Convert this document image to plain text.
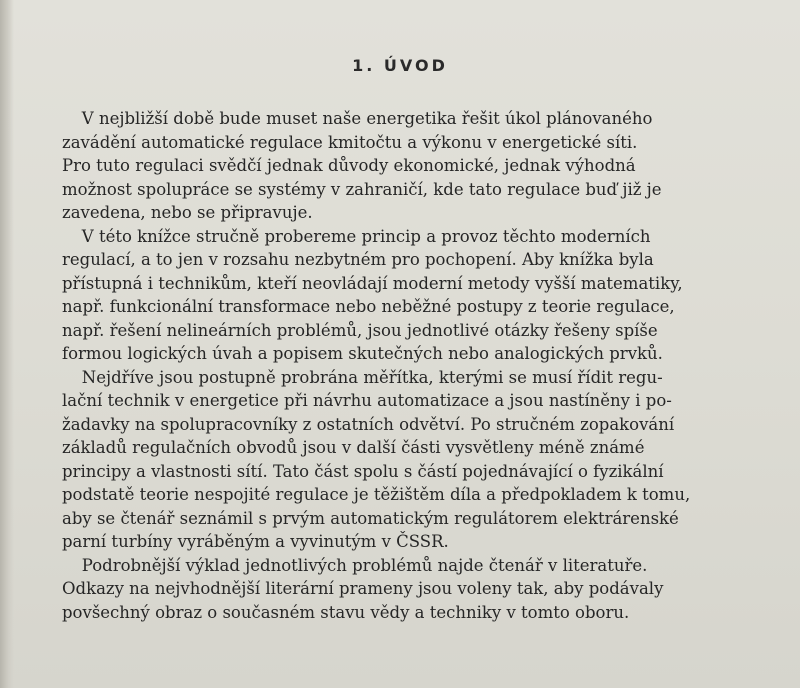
1. ÚVOD

V nejbližší době bude muset naše energetika řešit úkol plánovaného
zavádění automatické regulace kmitočtu a výkonu v energetické síti.
Pro tuto regulaci svědčí jednak důvody ekonomické, jednak výhodná
možnost spolupráce se systémy v zahraničí, kde tato regulace buď již je
zavedena, nebo se připravuje.

V této knížce stručně probereme princip a provoz těchto moderních
regulací, a to jen v rozsahu nezbytném pro pochopení. Aby knížka byla
přístupná i technikům, kteří neovládají moderní metody vyšší matematiky,
např. funkcionální transformace nebo neběžné postupy z teorie regulace,
např. řešení nelineárních problémů, jsou jednotlivé otázky řešeny spíše
formou logických úvah a popisem skutečných nebo analogických prvků.

Nejdříve jsou postupně probrána měřítka, kterými se musí řídit regu-
lační technik v energetice při návrhu automatizace a jsou nastíněny i po-
žadavky na spolupracovníky z ostatních odvětví. Po stručném zopakování
základů regulačních obvodů jsou v další části vysvětleny méně známé
principy a vlastnosti sítí. Tato část spolu s částí pojednávající o fyzikální
podstatě teorie nespojité regulace je těžištěm díla a předpokladem k tomu,
aby se čtenář seznámil s prvým automatickým regulátorem elektrárenské
parní turbíny vyráběným a vyvinutým v ČSSR.

Podrobnější výklad jednotlivých problémů najde čtenář v literatuře.
Odkazy na nejvhodnější literární prameny jsou voleny tak, aby podávaly
povšechný obraz o současném stavu vědy a techniky v tomto oboru.
